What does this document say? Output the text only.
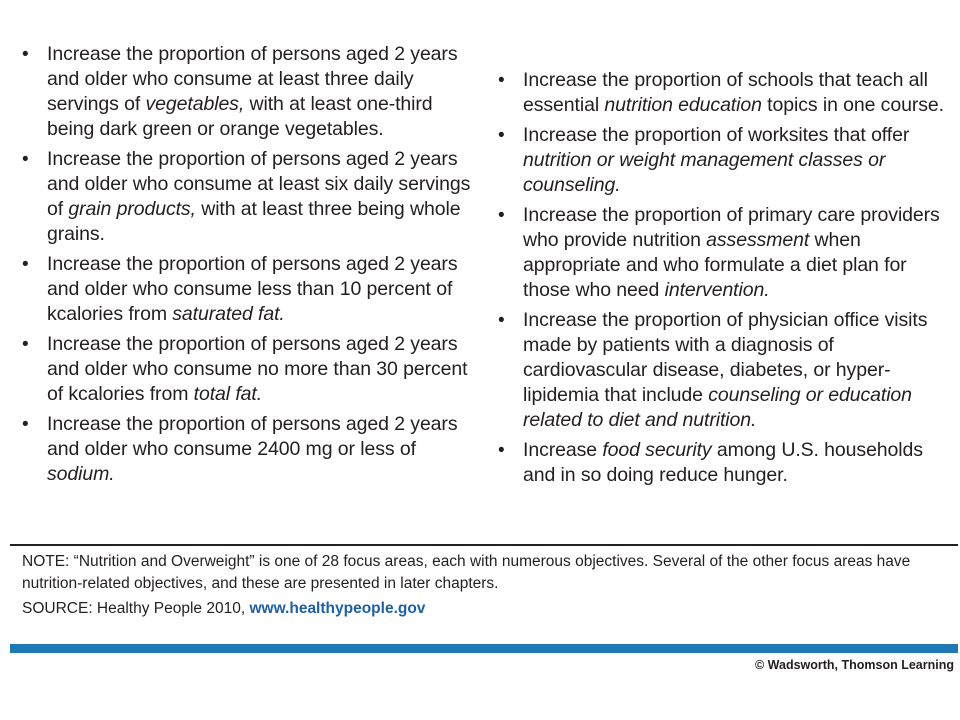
• Increase the proportion of persons aged 2 years and older who consume at least three daily servings of vegetables, with at least one-third being dark green or orange vegetables.
• Increase the proportion of persons aged 2 years and older who consume at least six daily servings of grain products, with at least three being whole grains.
• Increase the proportion of persons aged 2 years and older who consume less than 10 percent of kcalories from saturated fat.
• Increase the proportion of persons aged 2 years and older who consume no more than 30 percent of kcalories from total fat.
• Increase the proportion of persons aged 2 years and older who consume 2400 mg or less of sodium.
• Increase the proportion of schools that teach all essential nutrition education topics in one course.
• Increase the proportion of worksites that offer nutrition or weight management classes or counseling.
• Increase the proportion of primary care providers who provide nutrition assessment when appropriate and who formulate a diet plan for those who need intervention.
• Increase the proportion of physician office visits made by patients with a diagnosis of cardiovascular disease, diabetes, or hyper-lipidemia that include counseling or education related to diet and nutrition.
• Increase food security among U.S. households and in so doing reduce hunger.
NOTE: “Nutrition and Overweight” is one of 28 focus areas, each with numerous objectives. Several of the other focus areas have nutrition-related objectives, and these are presented in later chapters.
SOURCE: Healthy People 2010, www.healthypeople.gov
© Wadsworth, Thomson Learning
